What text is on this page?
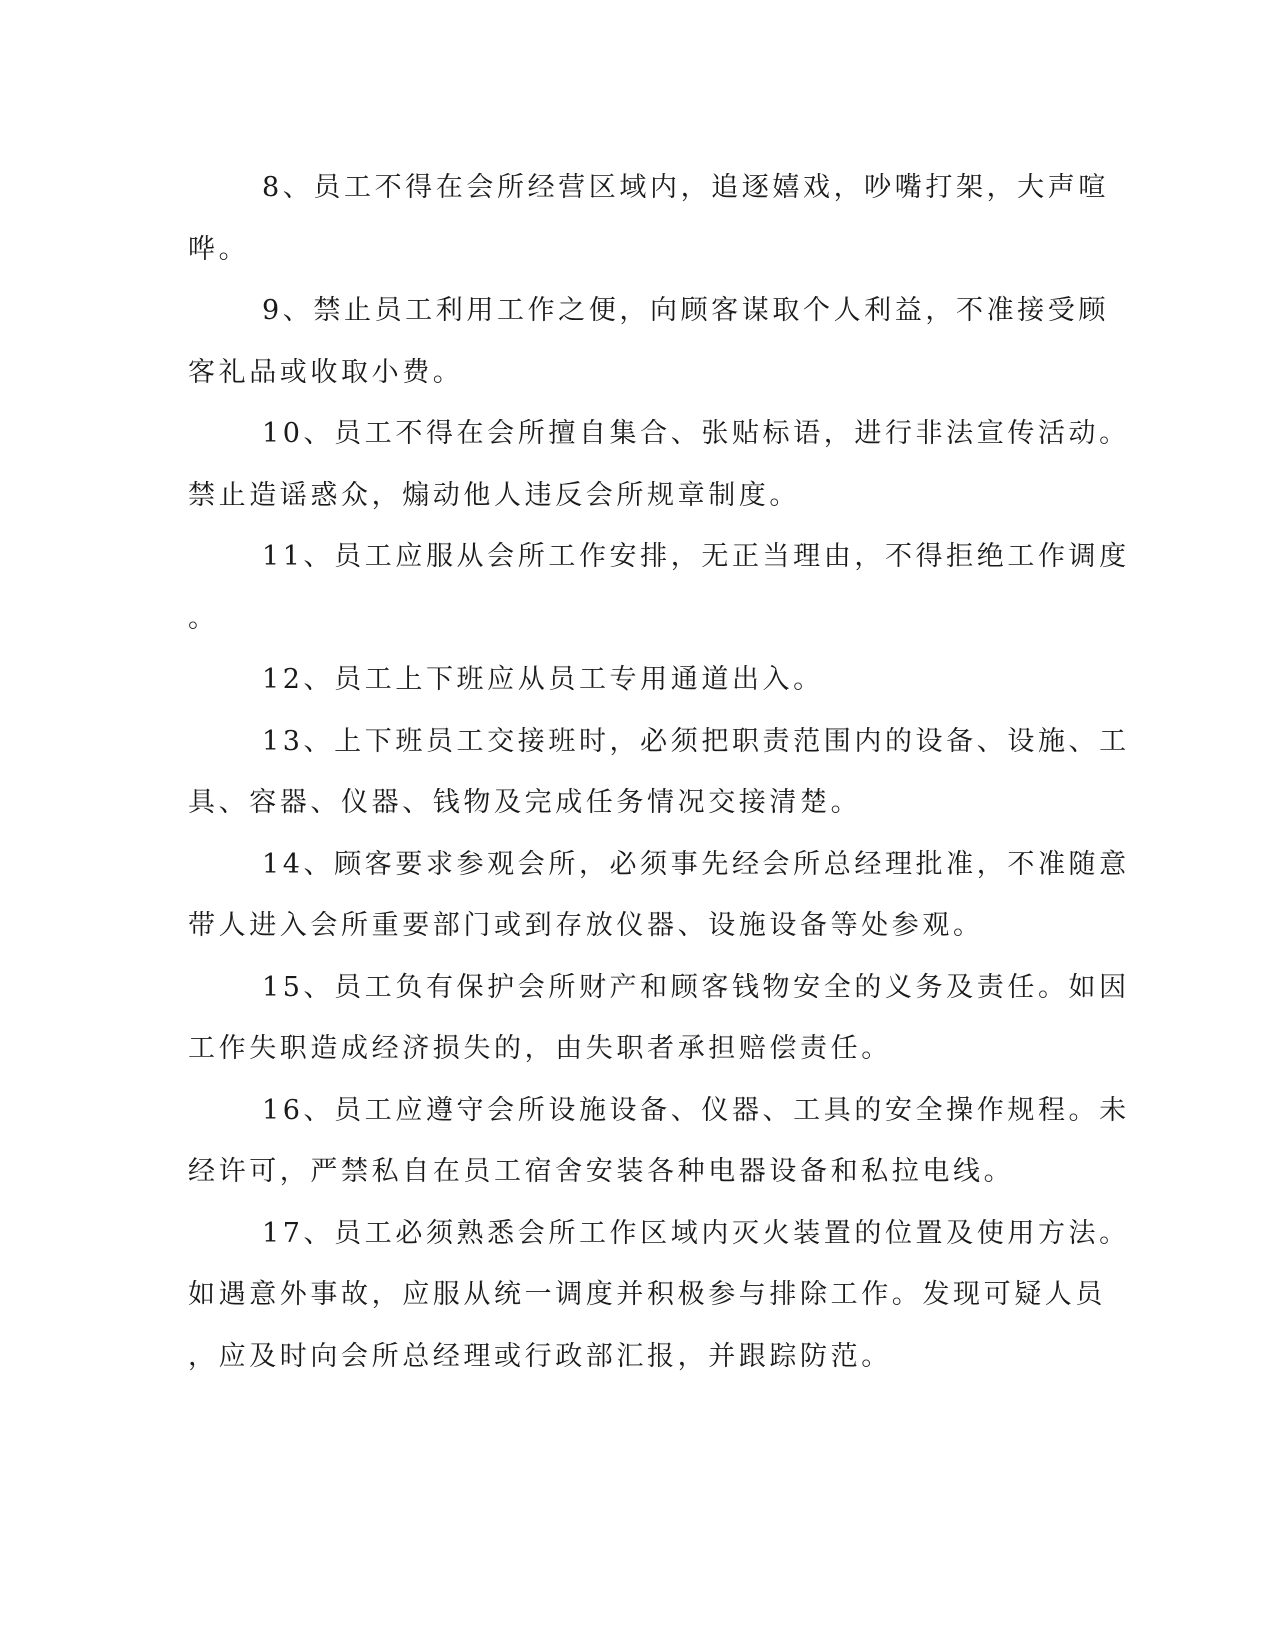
8、员工不得在会所经营区域内，追逐嬉戏，吵嘴打架，大声喧
哗。
9、禁止员工利用工作之便，向顾客谋取个人利益，不准接受顾
客礼品或收取小费。
10、员工不得在会所擅自集合、张贴标语，进行非法宣传活动。
禁止造谣惑众，煽动他人违反会所规章制度。
11、员工应服从会所工作安排，无正当理由，不得拒绝工作调度
。
12、员工上下班应从员工专用通道出入。
13、上下班员工交接班时，必须把职责范围内的设备、设施、工
具、容器、仪器、钱物及完成任务情况交接清楚。
14、顾客要求参观会所，必须事先经会所总经理批准，不准随意
带人进入会所重要部门或到存放仪器、设施设备等处参观。
15、员工负有保护会所财产和顾客钱物安全的义务及责任。如因
工作失职造成经济损失的，由失职者承担赔偿责任。
16、员工应遵守会所设施设备、仪器、工具的安全操作规程。未
经许可，严禁私自在员工宿舍安装各种电器设备和私拉电线。
17、员工必须熟悉会所工作区域内灭火装置的位置及使用方法。
如遇意外事故，应服从统一调度并积极参与排除工作。发现可疑人员
，应及时向会所总经理或行政部汇报，并跟踪防范。
